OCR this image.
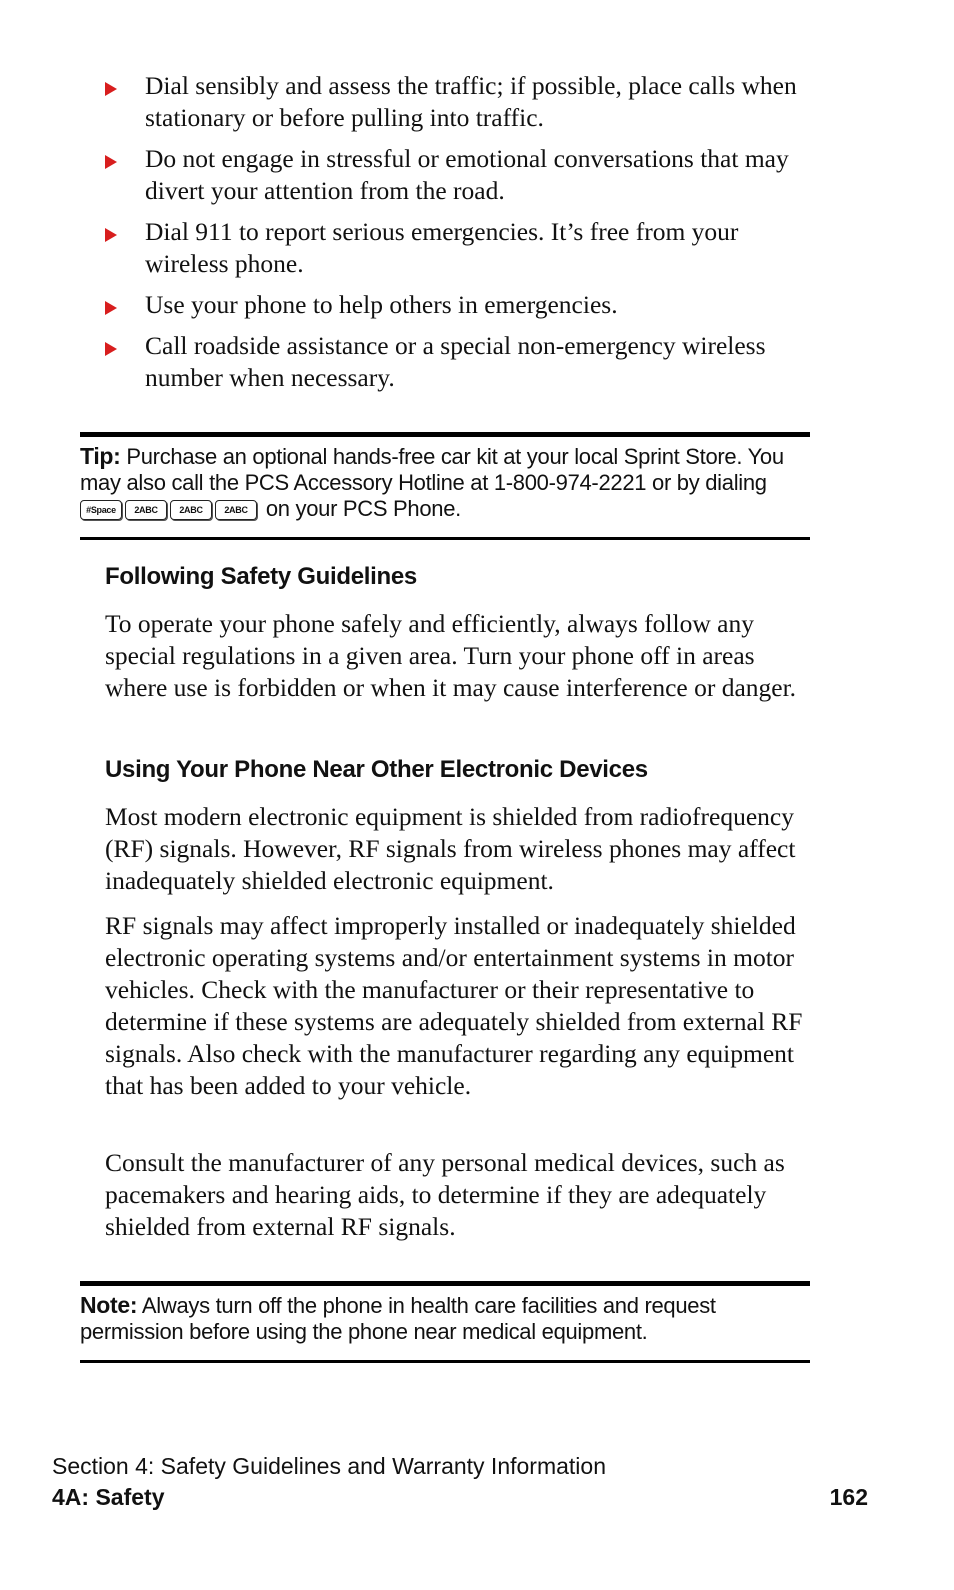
Dial sensibly and assess the traffic; if possible, place calls when stationary or before pulling into traffic.
Do not engage in stressful or emotional conversations that may divert your attention from the road.
Dial 911 to report serious emergencies. It’s free from your wireless phone.
Use your phone to help others in emergencies.
Call roadside assistance or a special non-emergency wireless number when necessary.
Tip: Purchase an optional hands-free car kit at your local Sprint Store. You may also call the PCS Accessory Hotline at 1-800-974-2221 or by dialing #Space 2ABC 2ABC 2ABC on your PCS Phone.
Following Safety Guidelines

To operate your phone safely and efficiently, always follow any special regulations in a given area. Turn your phone off in areas where use is forbidden or when it may cause interference or danger.

Using Your Phone Near Other Electronic Devices

Most modern electronic equipment is shielded from radiofrequency (RF) signals. However, RF signals from wireless phones may affect inadequately shielded electronic equipment.

RF signals may affect improperly installed or inadequately shielded electronic operating systems and/or entertainment systems in motor vehicles. Check with the manufacturer or their representative to determine if these systems are adequately shielded from external RF signals. Also check with the manufacturer regarding any equipment that has been added to your vehicle.

Consult the manufacturer of any personal medical devices, such as pacemakers and hearing aids, to determine if they are adequately shielded from external RF signals.

Note: Always turn off the phone in health care facilities and request permission before using the phone near medical equipment.
Section 4: Safety Guidelines and Warranty Information
4A: Safety	162
